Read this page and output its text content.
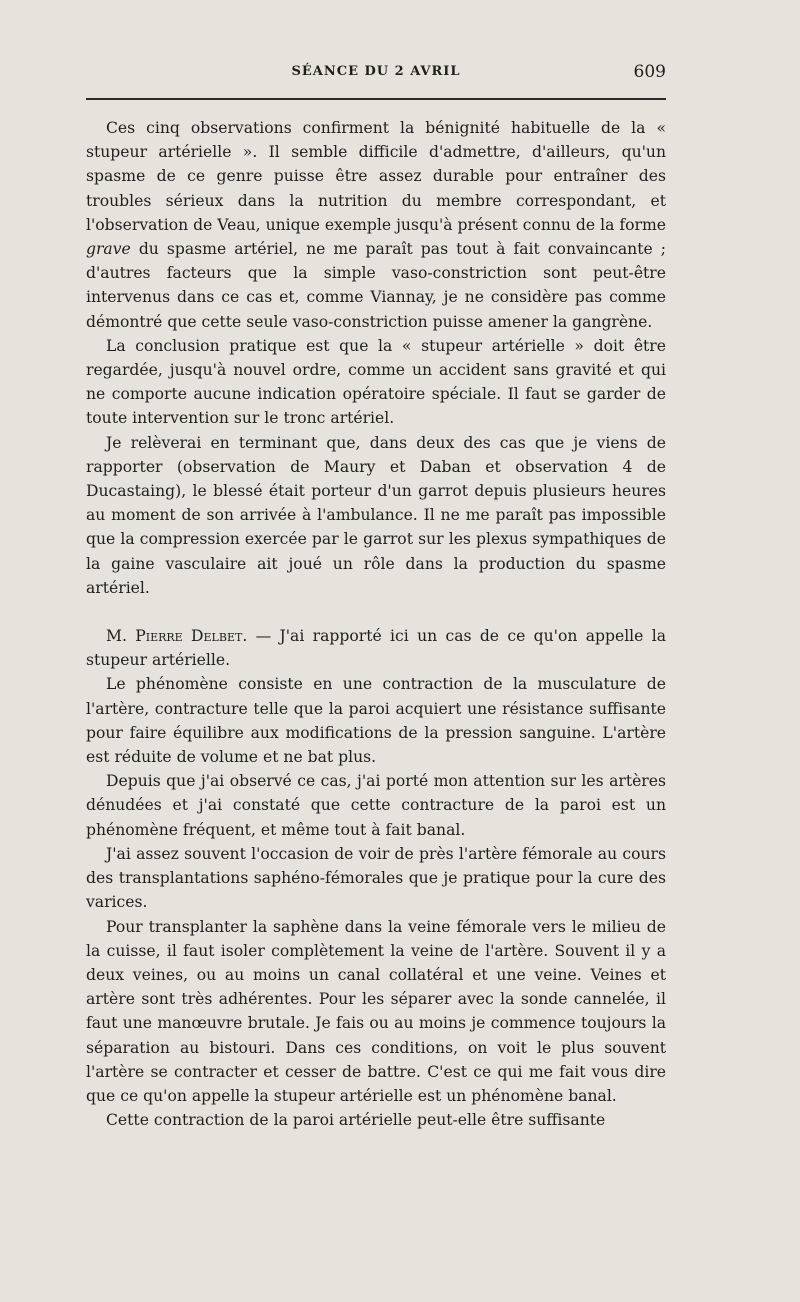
SÉANCE DU 2 AVRIL	609

Ces cinq observations confirment la bénignité habituelle de la « stupeur artérielle ». Il semble difficile d'admettre, d'ailleurs, qu'un spasme de ce genre puisse être assez durable pour entraîner des troubles sérieux dans la nutrition du membre correspondant, et l'observation de Veau, unique exemple jusqu'à présent connu de la forme grave du spasme artériel, ne me paraît pas tout à fait convaincante ; d'autres facteurs que la simple vaso-constriction sont peut-être intervenus dans ce cas et, comme Viannay, je ne considère pas comme démontré que cette seule vaso-constriction puisse amener la gangrène.

La conclusion pratique est que la « stupeur artérielle » doit être regardée, jusqu'à nouvel ordre, comme un accident sans gravité et qui ne comporte aucune indication opératoire spéciale. Il faut se garder de toute intervention sur le tronc artériel.

Je relèverai en terminant que, dans deux des cas que je viens de rapporter (observation de Maury et Daban et observation 4 de Ducastaing), le blessé était porteur d'un garrot depuis plusieurs heures au moment de son arrivée à l'ambulance. Il ne me paraît pas impossible que la compression exercée par le garrot sur les plexus sympathiques de la gaine vasculaire ait joué un rôle dans la production du spasme artériel.

M. Pierre Delbet. — J'ai rapporté ici un cas de ce qu'on appelle la stupeur artérielle.

Le phénomène consiste en une contraction de la musculature de l'artère, contracture telle que la paroi acquiert une résistance suffisante pour faire équilibre aux modifications de la pression sanguine. L'artère est réduite de volume et ne bat plus.

Depuis que j'ai observé ce cas, j'ai porté mon attention sur les artères dénudées et j'ai constaté que cette contracture de la paroi est un phénomène fréquent, et même tout à fait banal.

J'ai assez souvent l'occasion de voir de près l'artère fémorale au cours des transplantations saphéno-fémorales que je pratique pour la cure des varices.

Pour transplanter la saphène dans la veine fémorale vers le milieu de la cuisse, il faut isoler complètement la veine de l'artère. Souvent il y a deux veines, ou au moins un canal collatéral et une veine. Veines et artère sont très adhérentes. Pour les séparer avec la sonde cannelée, il faut une manœuvre brutale. Je fais ou au moins je commence toujours la séparation au bistouri. Dans ces conditions, on voit le plus souvent l'artère se contracter et cesser de battre. C'est ce qui me fait vous dire que ce qu'on appelle la stupeur artérielle est un phénomène banal.

Cette contraction de la paroi artérielle peut-elle être suffisante
